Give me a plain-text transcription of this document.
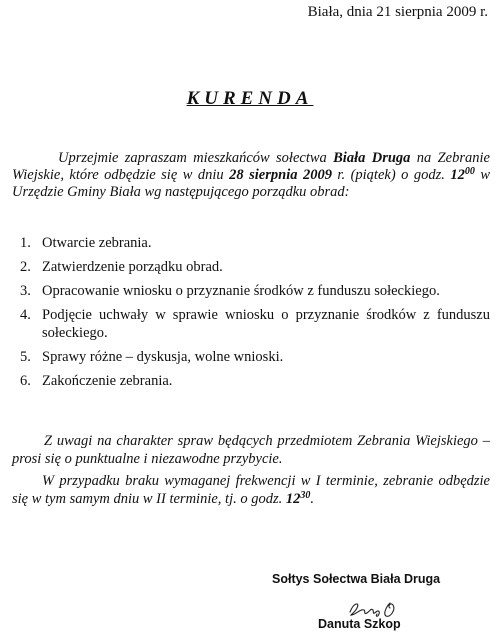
Biała, dnia 21 sierpnia 2009 r.
KURENDA

Uprzejmie zapraszam mieszkańców sołectwa Biała Druga na Zebranie Wiejskie, które odbędzie się w dniu 28 sierpnia 2009 r. (piątek) o godz. $12^{00}$ w Urzędzie Gminy Biała wg następującego porządku obrad:

1. Otwarcie zebrania.
2. Zatwierdzenie porządku obrad.
3. Opracowanie wniosku o przyznanie środków z funduszu sołeckiego.
4. Podjęcie uchwały w sprawie wniosku o przyznanie środków z funduszu sołeckiego.
5. Sprawy różne – dyskusja, wolne wnioski.
6. Zakończenie zebrania.

Z uwagi na charakter spraw będących przedmiotem Zebrania Wiejskiego – prosi się o punktualne i niezawodne przybycie.

W przypadku braku wymaganej frekwencji w I terminie, zebranie odbędzie się w tym samym dniu w II terminie, tj. o godz. $12^{30}$.

Sołtys Sołectwa Biała Druga
Danuta Szkop
